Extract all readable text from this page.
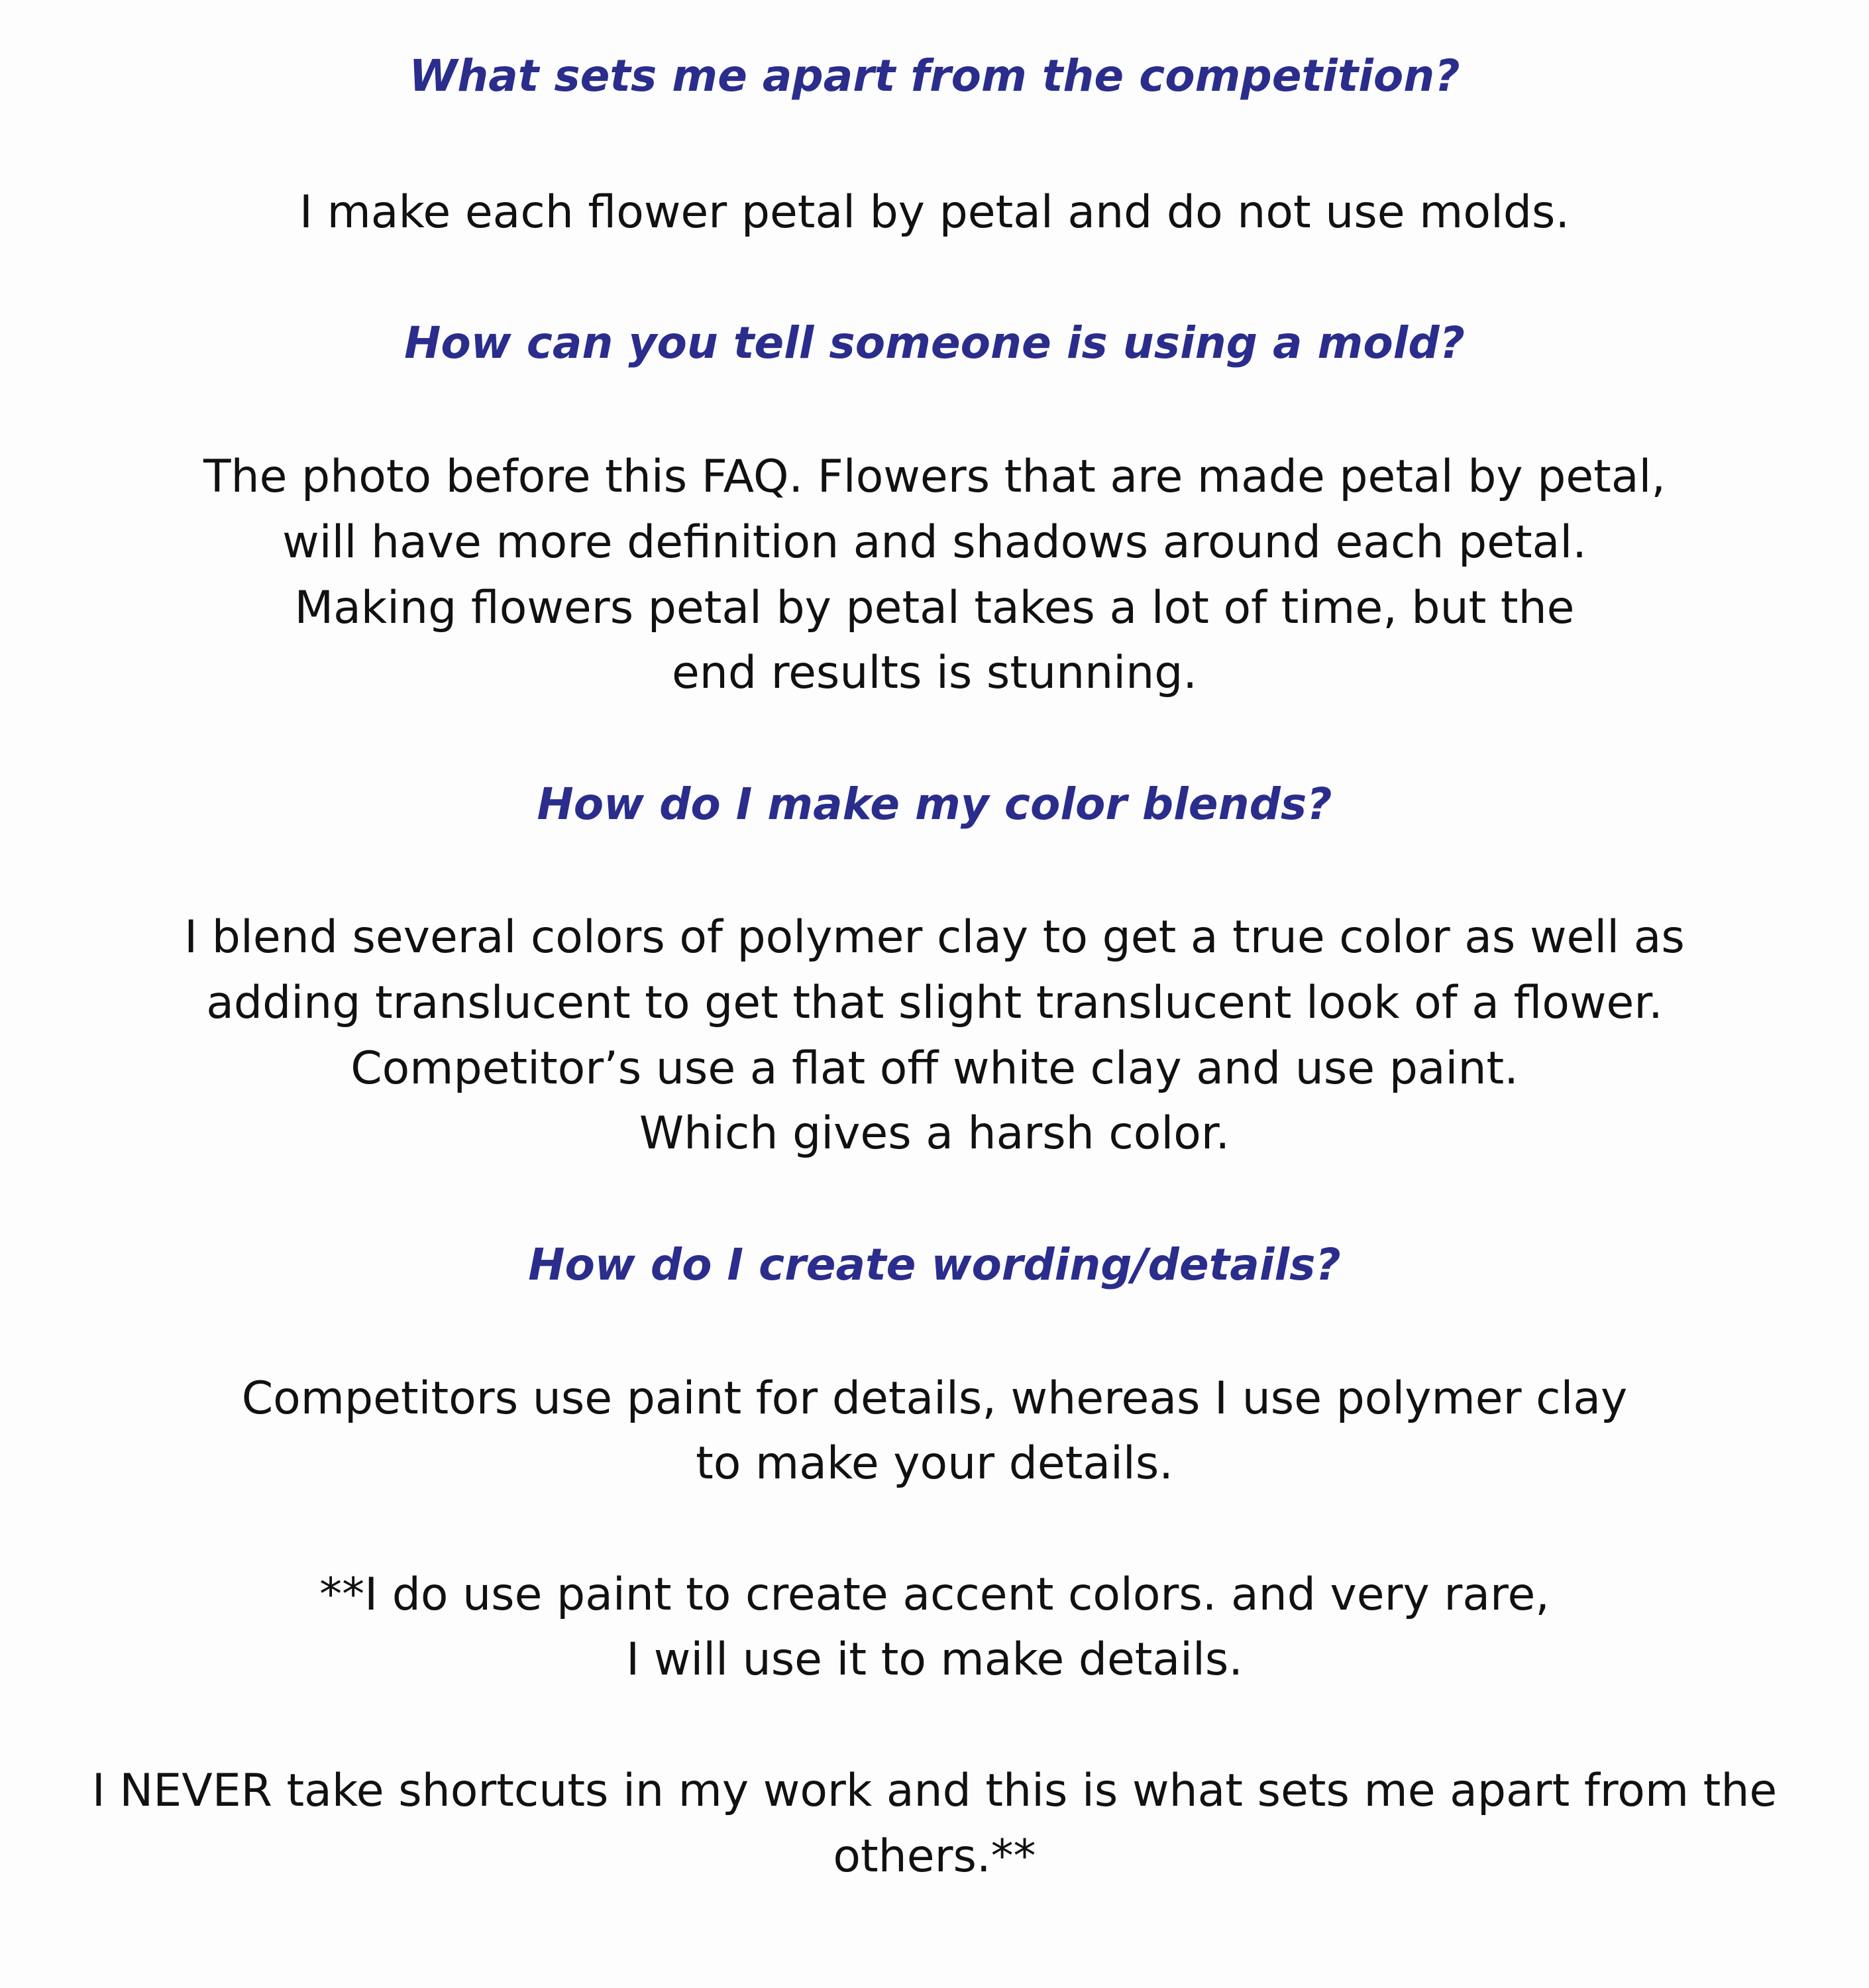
What sets me apart from the competition?
I make each flower petal by petal and do not use molds.
How can you tell someone is using a mold?
The photo before this FAQ. Flowers that are made petal by petal,
will have more definition and shadows around each petal.
Making flowers petal by petal takes a lot of time, but the
end results is stunning.
How do I make my color blends?
I blend several colors of polymer clay to get a true color as well as
adding translucent to get that slight translucent look of a flower.
Competitor’s use a flat off white clay and use paint.
Which gives a harsh color.
How do I create wording/details?
Competitors use paint for details, whereas I use polymer clay
to make your details.
**I do use paint to create accent colors. and very rare,
I will use it to make details.
I NEVER take shortcuts in my work and this is what sets me apart from the
others.**
